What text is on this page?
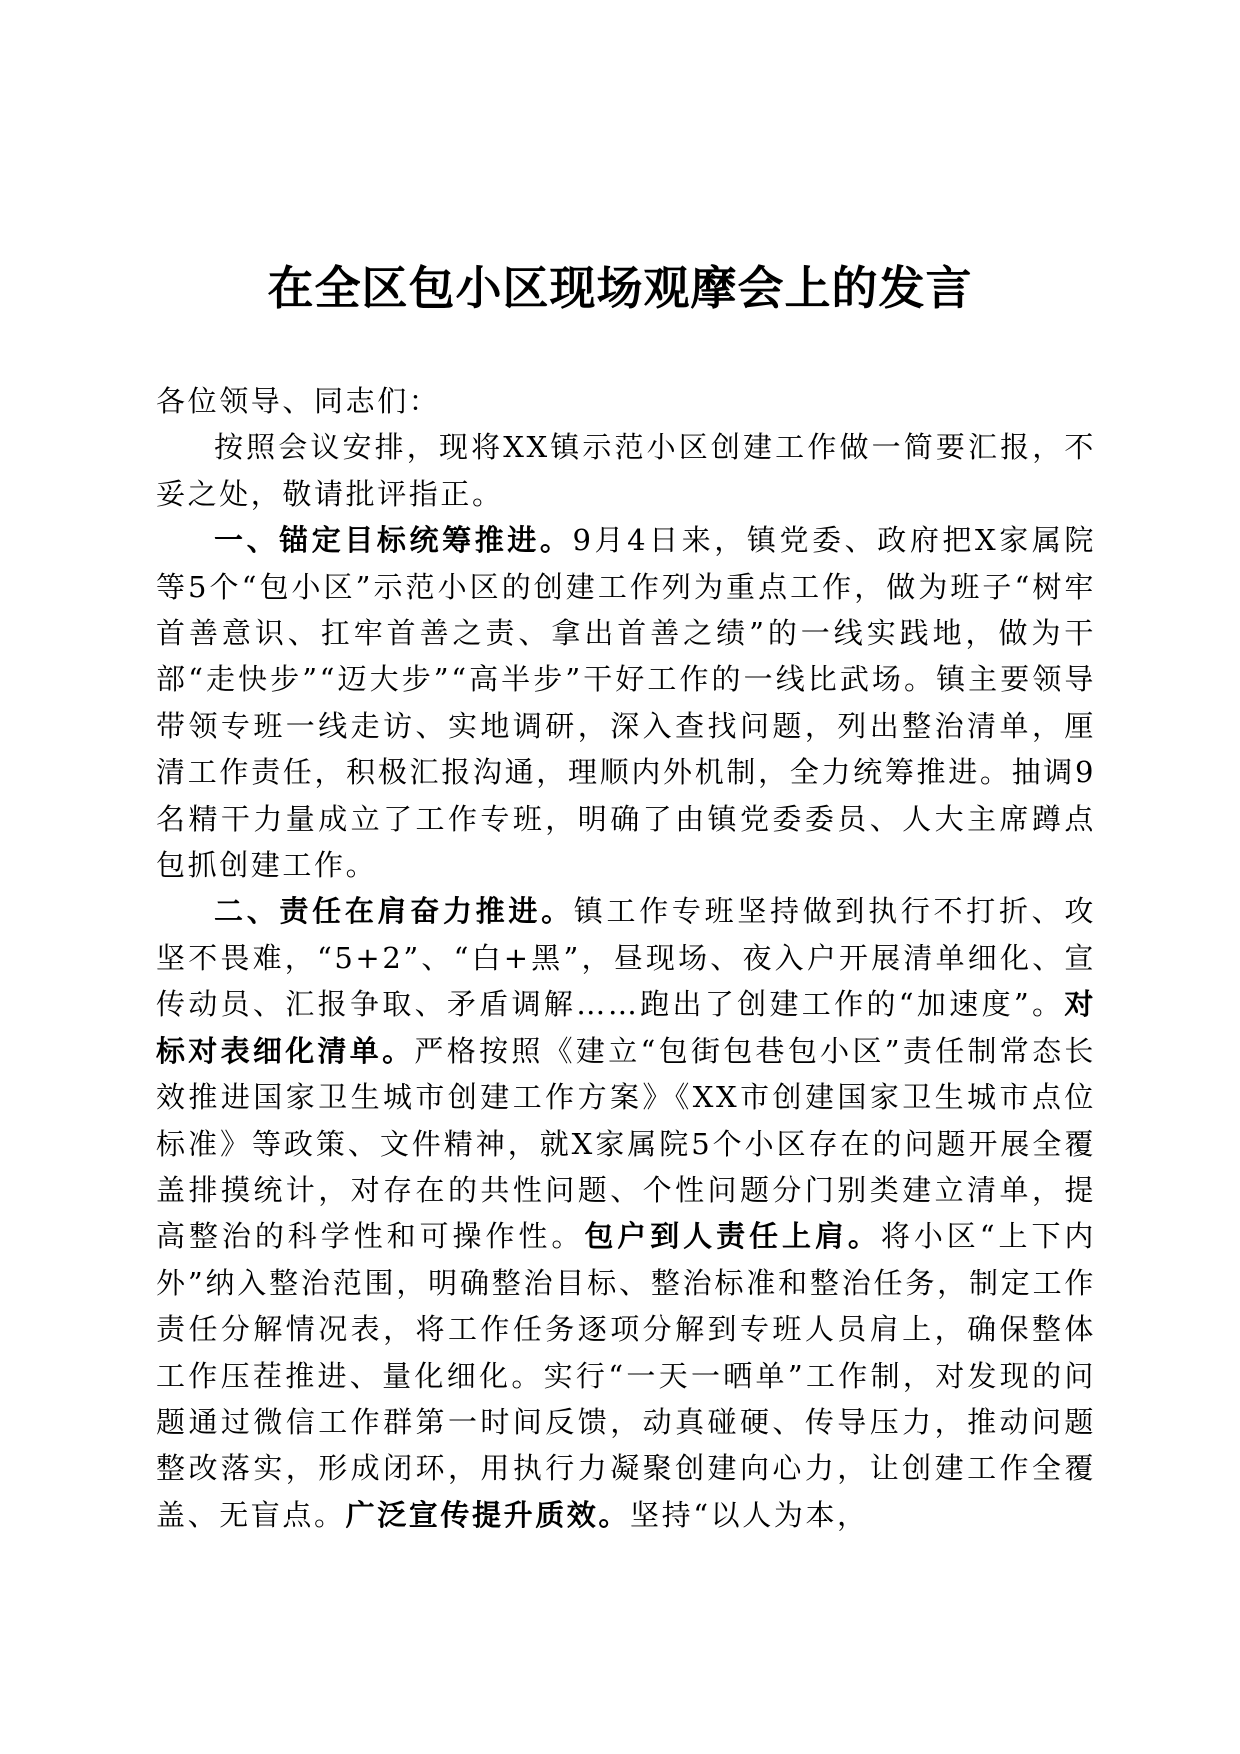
在全区包小区现场观摩会上的发言

各位领导、同志们：

按照会议安排，现将XX镇示范小区创建工作做一简要汇报，不妥之处，敬请批评指正。

一、锚定目标统筹推进。9月4日来，镇党委、政府把X家属院等5个“包小区”示范小区的创建工作列为重点工作，做为班子“树牢首善意识、扛牢首善之责、拿出首善之绩”的一线实践地，做为干部“走快步”“迈大步”“高半步”干好工作的一线比武场。镇主要领导带领专班一线走访、实地调研，深入查找问题，列出整治清单，厘清工作责任，积极汇报沟通，理顺内外机制，全力统筹推进。抽调9名精干力量成立了工作专班，明确了由镇党委委员、人大主席蹲点包抓创建工作。

二、责任在肩奋力推进。镇工作专班坚持做到执行不打折、攻坚不畏难，“5+2”、“白+黑”，昼现场、夜入户开展清单细化、宣传动员、汇报争取、矛盾调解……跑出了创建工作的“加速度”。对标对表细化清单。严格按照《建立“包街包巷包小区”责任制常态长效推进国家卫生城市创建工作方案》《XX市创建国家卫生城市点位标准》等政策、文件精神，就X家属院5个小区存在的问题开展全覆盖排摸统计，对存在的共性问题、个性问题分门别类建立清单，提高整治的科学性和可操作性。包户到人责任上肩。将小区“上下内外”纳入整治范围，明确整治目标、整治标准和整治任务，制定工作责任分解情况表，将工作任务逐项分解到专班人员肩上，确保整体工作压茬推进、量化细化。实行“一天一晒单”工作制，对发现的问题通过微信工作群第一时间反馈，动真碰硬、传导压力，推动问题整改落实，形成闭环，用执行力凝聚创建向心力，让创建工作全覆盖、无盲点。广泛宣传提升质效。坚持“以人为本，
